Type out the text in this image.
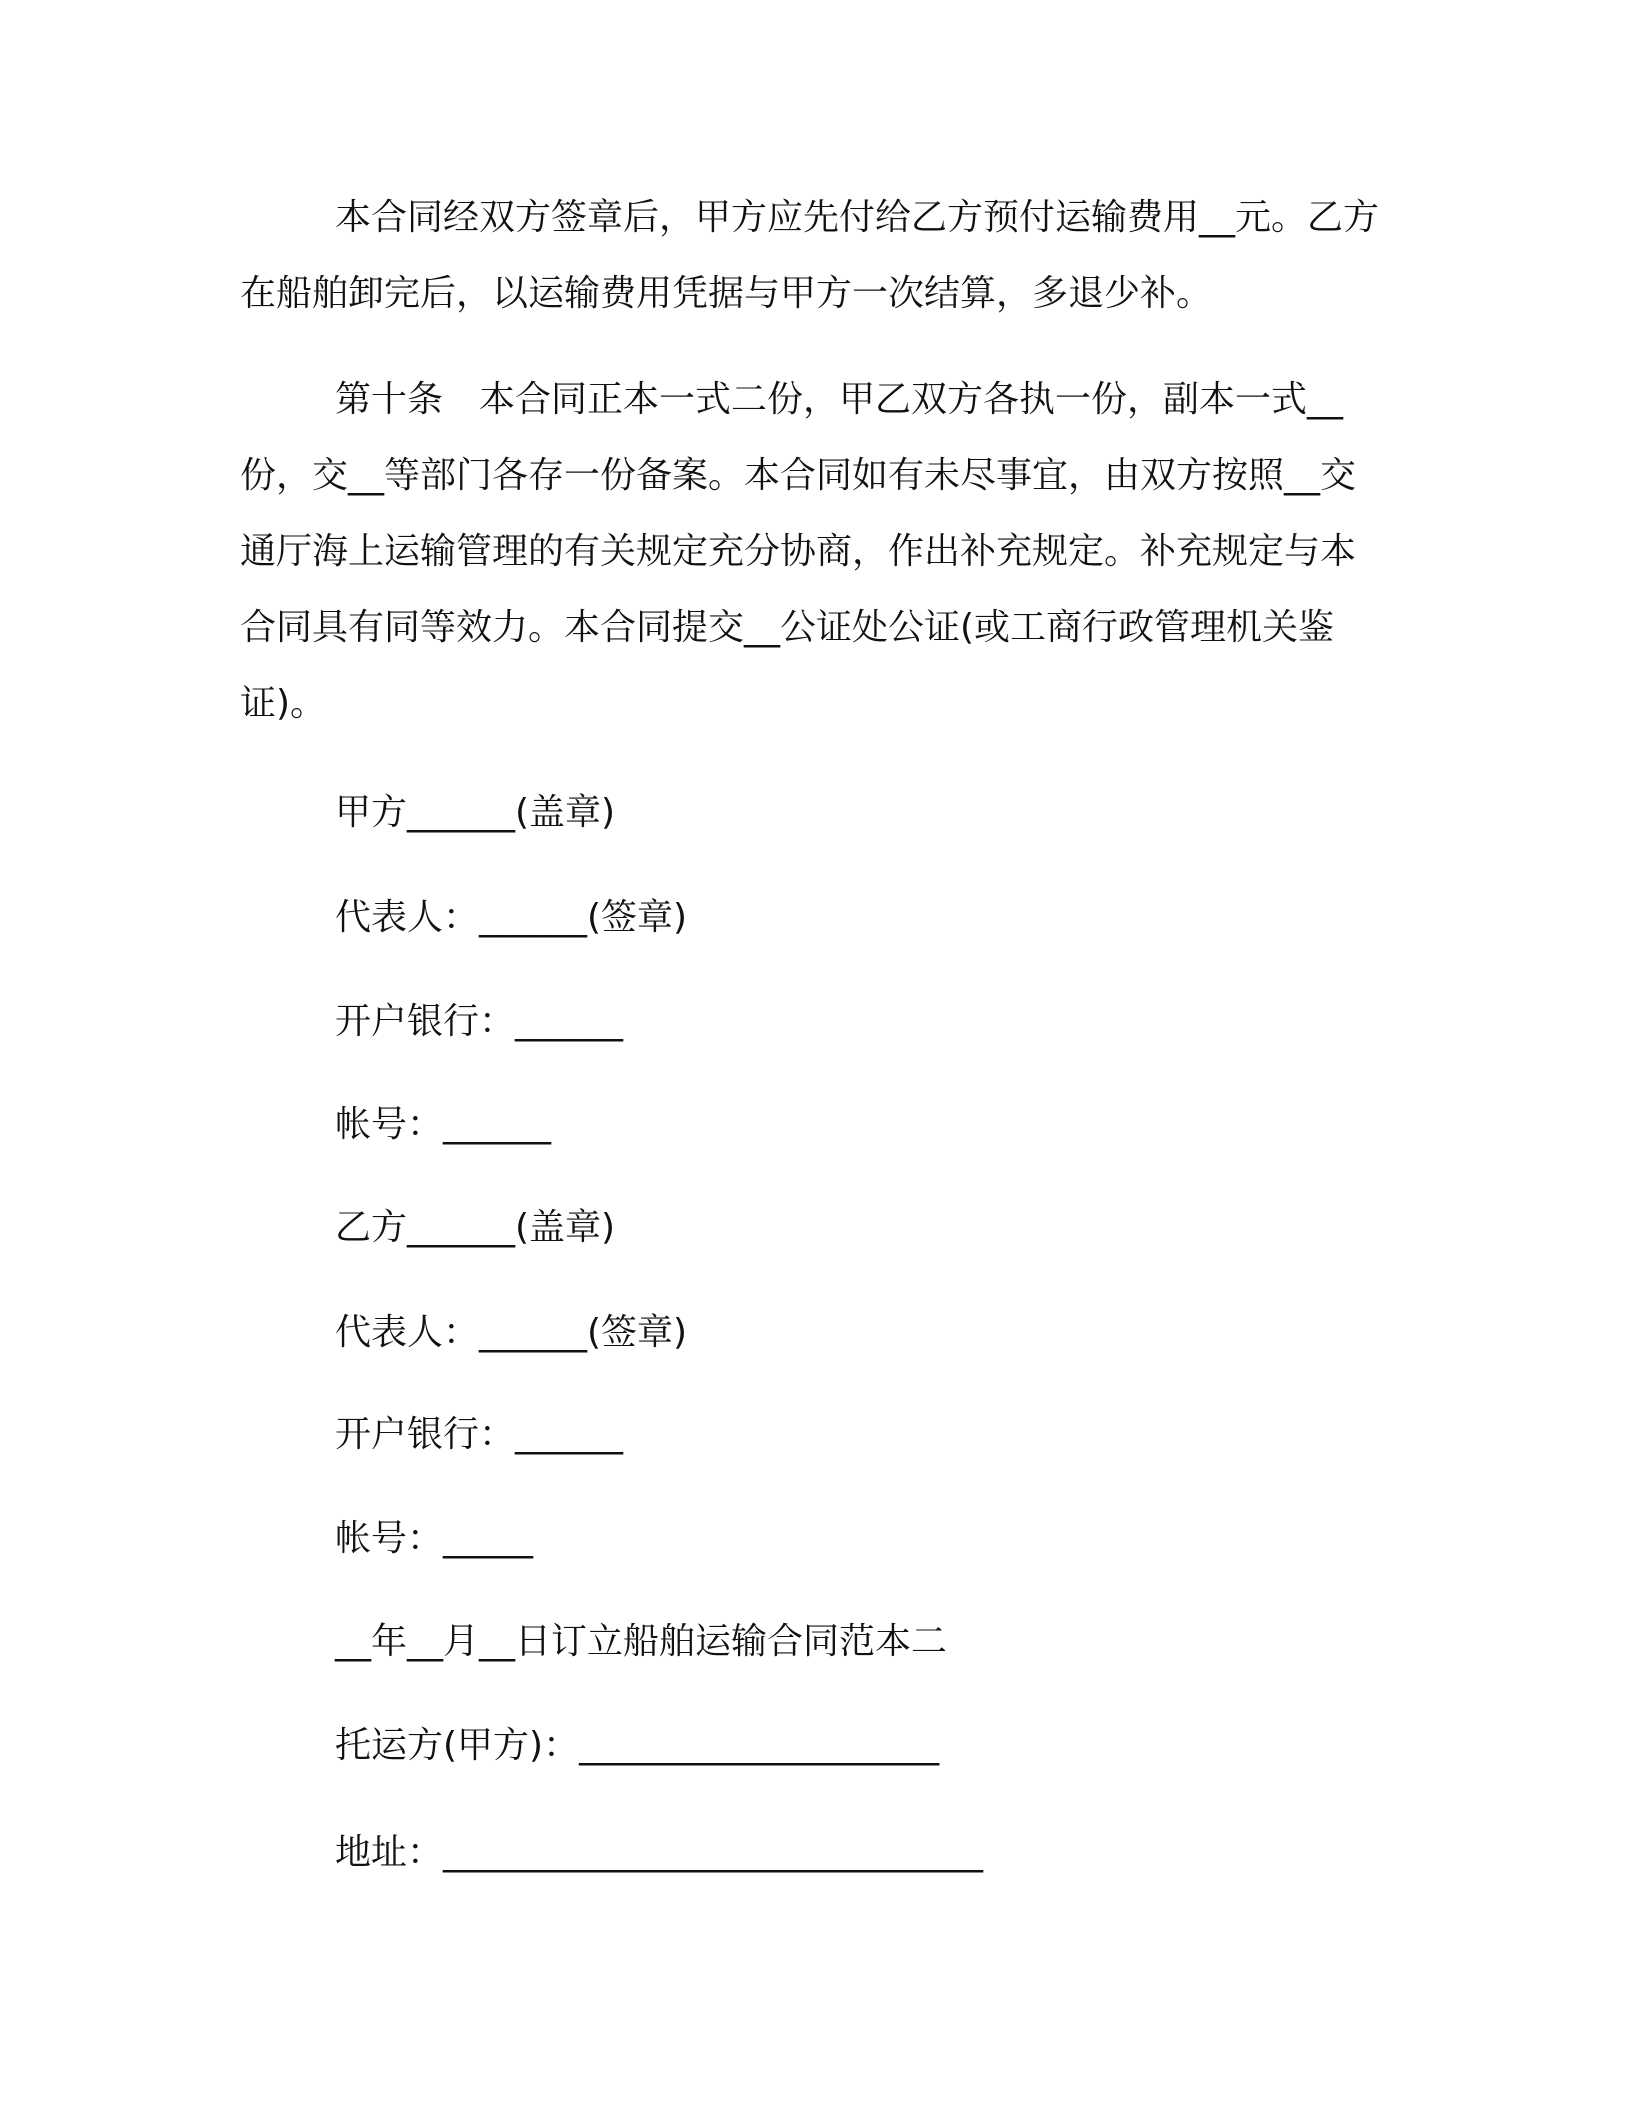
本合同经双方签章后，甲方应先付给乙方预付运输费用__元。乙方在船舶卸完后，以运输费用凭据与甲方一次结算，多退少补。

第十条　本合同正本一式二份，甲乙双方各执一份，副本一式__份，交__等部门各存一份备案。本合同如有未尽事宜，由双方按照__交通厅海上运输管理的有关规定充分协商，作出补充规定。补充规定与本合同具有同等效力。本合同提交__公证处公证(或工商行政管理机关鉴证)。

甲方______(盖章)
代表人：______(签章)
开户银行：______
帐号：______
乙方______(盖章)
代表人：______(签章)
开户银行：______
帐号：_____
__年__月__日订立船舶运输合同范本二
托运方(甲方)：____________________
地址：______________________________
